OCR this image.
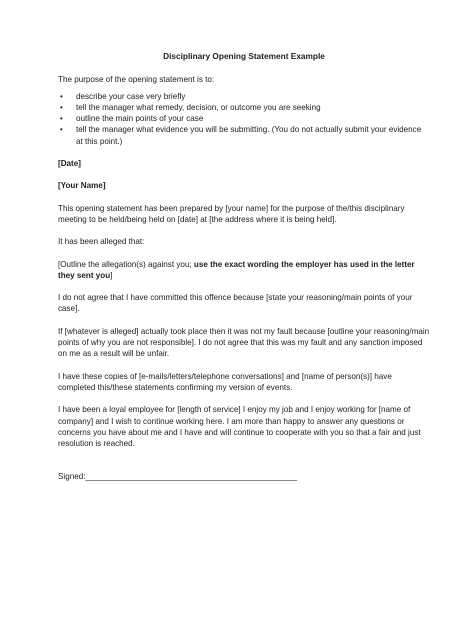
Disciplinary Opening Statement Example

The purpose of the opening statement is to:

• describe your case very briefly
• tell the manager what remedy, decision, or outcome you are seeking
• outline the main points of your case
• tell the manager what evidence you will be submitting. (You do not actually submit your evidence at this point.)

[Date]

[Your Name]

This opening statement has been prepared by [your name] for the purpose of the/this disciplinary meeting to be held/being held on [date] at [the address where it is being held].

It has been alleged that:

[Outline the allegation(s) against you; use the exact wording the employer has used in the letter they sent you]

I do not agree that I have committed this offence because [state your reasoning/main points of your case].

If [whatever is alleged] actually took place then it was not my fault because [outline your reasoning/main points of why you are not responsible]. I do not agree that this was my fault and any sanction imposed on me as a result will be unfair.

I have these copies of [e-mails/letters/telephone conversations] and [name of person(s)] have completed this/these statements confirming my version of events.

I have been a loyal employee for [length of service] I enjoy my job and I enjoy working for [name of company] and I wish to continue working here. I am more than happy to answer any questions or concerns you have about me and I have and will continue to cooperate with you so that a fair and just resolution is reached.

Signed:_______________________________________________
